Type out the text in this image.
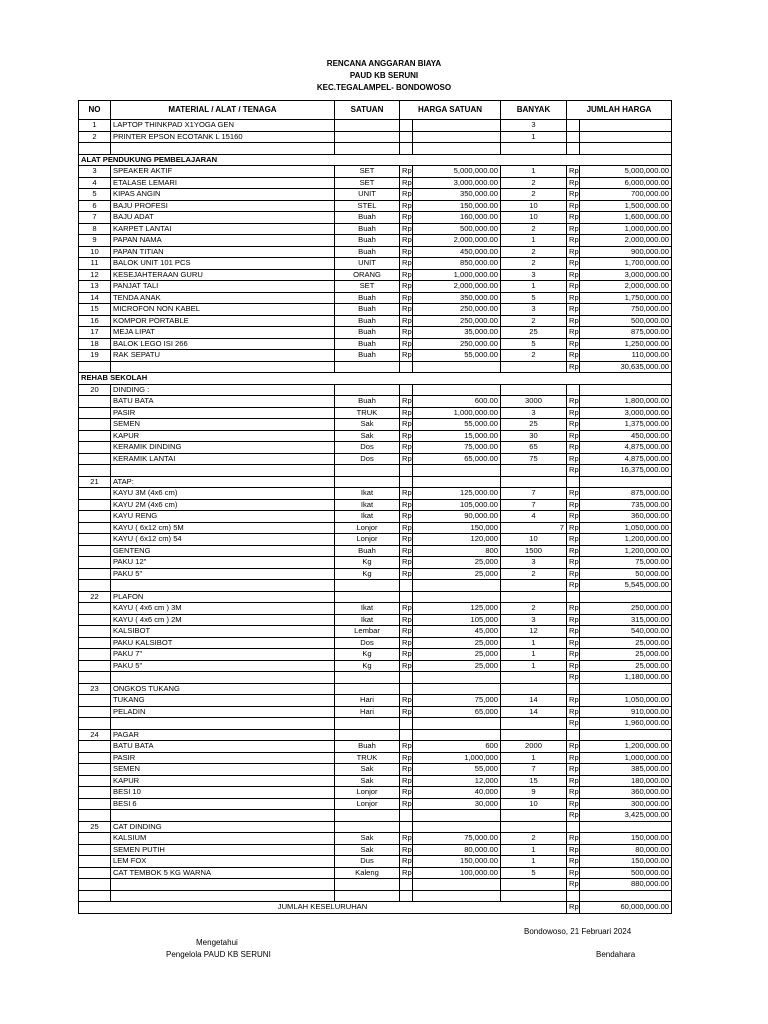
RENCANA ANGGARAN BIAYA
PAUD KB SERUNI
KEC.TEGALAMPEL- BONDOWOSO
NO	MATERIAL / ALAT / TENAGA	SATUAN	HARGA SATUAN		BANYAK	JUMLAH HARGA	
1	LAPTOP THINKPAD X1YOGA GEN				3		
2	PRINTER EPSON ECOTANK L 15160				1		

ALAT PENDUKUNG PEMBELAJARAN							
3	SPEAKER AKTIF	SET	Rp	5,000,000.00	1	Rp	5,000,000.00
4	ETALASE LEMARI	SET	Rp	3,000,000.00	2	Rp	6,000,000.00
5	KIPAS ANGIN	UNIT	Rp	350,000.00	2	Rp	700,000.00
6	BAJU PROFESI	STEL	Rp	150,000.00	10	Rp	1,500,000.00
7	BAJU ADAT	Buah	Rp	160,000.00	10	Rp	1,600,000.00
8	KARPET LANTAI	Buah	Rp	500,000.00	2	Rp	1,000,000.00
9	PAPAN NAMA	Buah	Rp	2,000,000.00	1	Rp	2,000,000.00
10	PAPAN TITIAN	Buah	Rp	450,000.00	2	Rp	900,000.00
11	BALOK UNIT 101 PCS	UNIT	Rp	850,000.00	2	Rp	1,700,000.00
12	KESEJAHTERAAN GURU	ORANG	Rp	1,000,000.00	3	Rp	3,000,000.00
13	PANJAT TALI	SET	Rp	2,000,000.00	1	Rp	2,000,000.00
14	TENDA ANAK	Buah	Rp	350,000.00	5	Rp	1,750,000.00
15	MICROFON NON KABEL	Buah	Rp	250,000.00	3	Rp	750,000.00
16	KOMPOR PORTABLE	Buah	Rp	250,000.00	2	Rp	500,000.00
17	MEJA LIPAT	Buah	Rp	35,000.00	25	Rp	875,000.00
18	BALOK LEGO ISI 266	Buah	Rp	250,000.00	5	Rp	1,250,000.00
19	RAK SEPATU	Buah	Rp	55,000.00	2	Rp	110,000.00
						Rp	30,635,000.00
REHAB SEKOLAH							
20	DINDING :						
	BATU BATA	Buah	Rp	600.00	3000	Rp	1,800,000.00
	PASIR	TRUK	Rp	1,000,000.00	3	Rp	3,000,000.00
	SEMEN	Sak	Rp	55,000.00	25	Rp	1,375,000.00
	KAPUR	Sak	Rp	15,000.00	30	Rp	450,000.00
	KERAMIK DINDING	Dos	Rp	75,000.00	65	Rp	4,875,000.00
	KERAMIK LANTAI	Dos	Rp	65,000.00	75	Rp	4,875,000.00
						Rp	16,375,000.00
21	ATAP:						
	KAYU 3M (4x6 cm)	Ikat	Rp	125,000.00	7	Rp	875,000.00
	KAYU 2M (4x6 cm)	Ikat	Rp	105,000.00	7	Rp	735,000.00
	KAYU RENG	Ikat	Rp	90,000.00	4	Rp	360,000.00
	KAYU ( 6x12 cm) 5M	Lonjor	Rp	150,000	7	Rp	1,050,000.00
	KAYU ( 6x12 cm) 54	Lonjor	Rp	120,000	10	Rp	1,200,000.00
	GENTENG	Buah	Rp	800	1500	Rp	1,200,000.00
	PAKU 12"	Kg	Rp	25,000	3	Rp	75,000.00
	PAKU 5"	Kg	Rp	25,000	2	Rp	50,000.00
						Rp	5,545,000.00
22	PLAFON						
	KAYU ( 4x6 cm ) 3M	Ikat	Rp	125,000	2	Rp	250,000.00
	KAYU ( 4x6 cm ) 2M	Ikat	Rp	105,000	3	Rp	315,000.00
	KALSIBOT	Lembar	Rp	45,000	12	Rp	540,000.00
	PAKU KALSIBOT	Dos	Rp	25,000	1	Rp	25,000.00
	PAKU 7"	Kg	Rp	25,000	1	Rp	25,000.00
	PAKU 5"	Kg	Rp	25,000	1	Rp	25,000.00
						Rp	1,180,000.00
23	ONGKOS TUKANG						
	TUKANG	Hari	Rp	75,000	14	Rp	1,050,000.00
	PELADIN	Hari	Rp	65,000	14	Rp	910,000.00
						Rp	1,960,000.00
24	PAGAR						
	BATU BATA	Buah	Rp	600	2000	Rp	1,200,000.00
	PASIR	TRUK	Rp	1,000,000	1	Rp	1,000,000.00
	SEMEN	Sak	Rp	55,000	7	Rp	385,000.00
	KAPUR	Sak	Rp	12,000	15	Rp	180,000.00
	BESI 10	Lonjor	Rp	40,000	9	Rp	360,000.00
	BESI 6	Lonjor	Rp	30,000	10	Rp	300,000.00
						Rp	3,425,000.00
25	CAT DINDING						
	KALSIUM	Sak	Rp	75,000.00	2	Rp	150,000.00
	SEMEN PUTIH	Sak	Rp	80,000.00	1	Rp	80,000.00
	LEM FOX	Dus	Rp	150,000.00	1	Rp	150,000.00
	CAT TEMBOK 5 KG WARNA	Kaleng	Rp	100,000.00	5	Rp	500,000.00
						Rp	880,000.00

JUMLAH KESELURUHAN						Rp	60,000,000.00
Bondowoso, 21 Februari 2024
Mengetahui
Pengelola PAUD KB SERUNI	Bendahara
